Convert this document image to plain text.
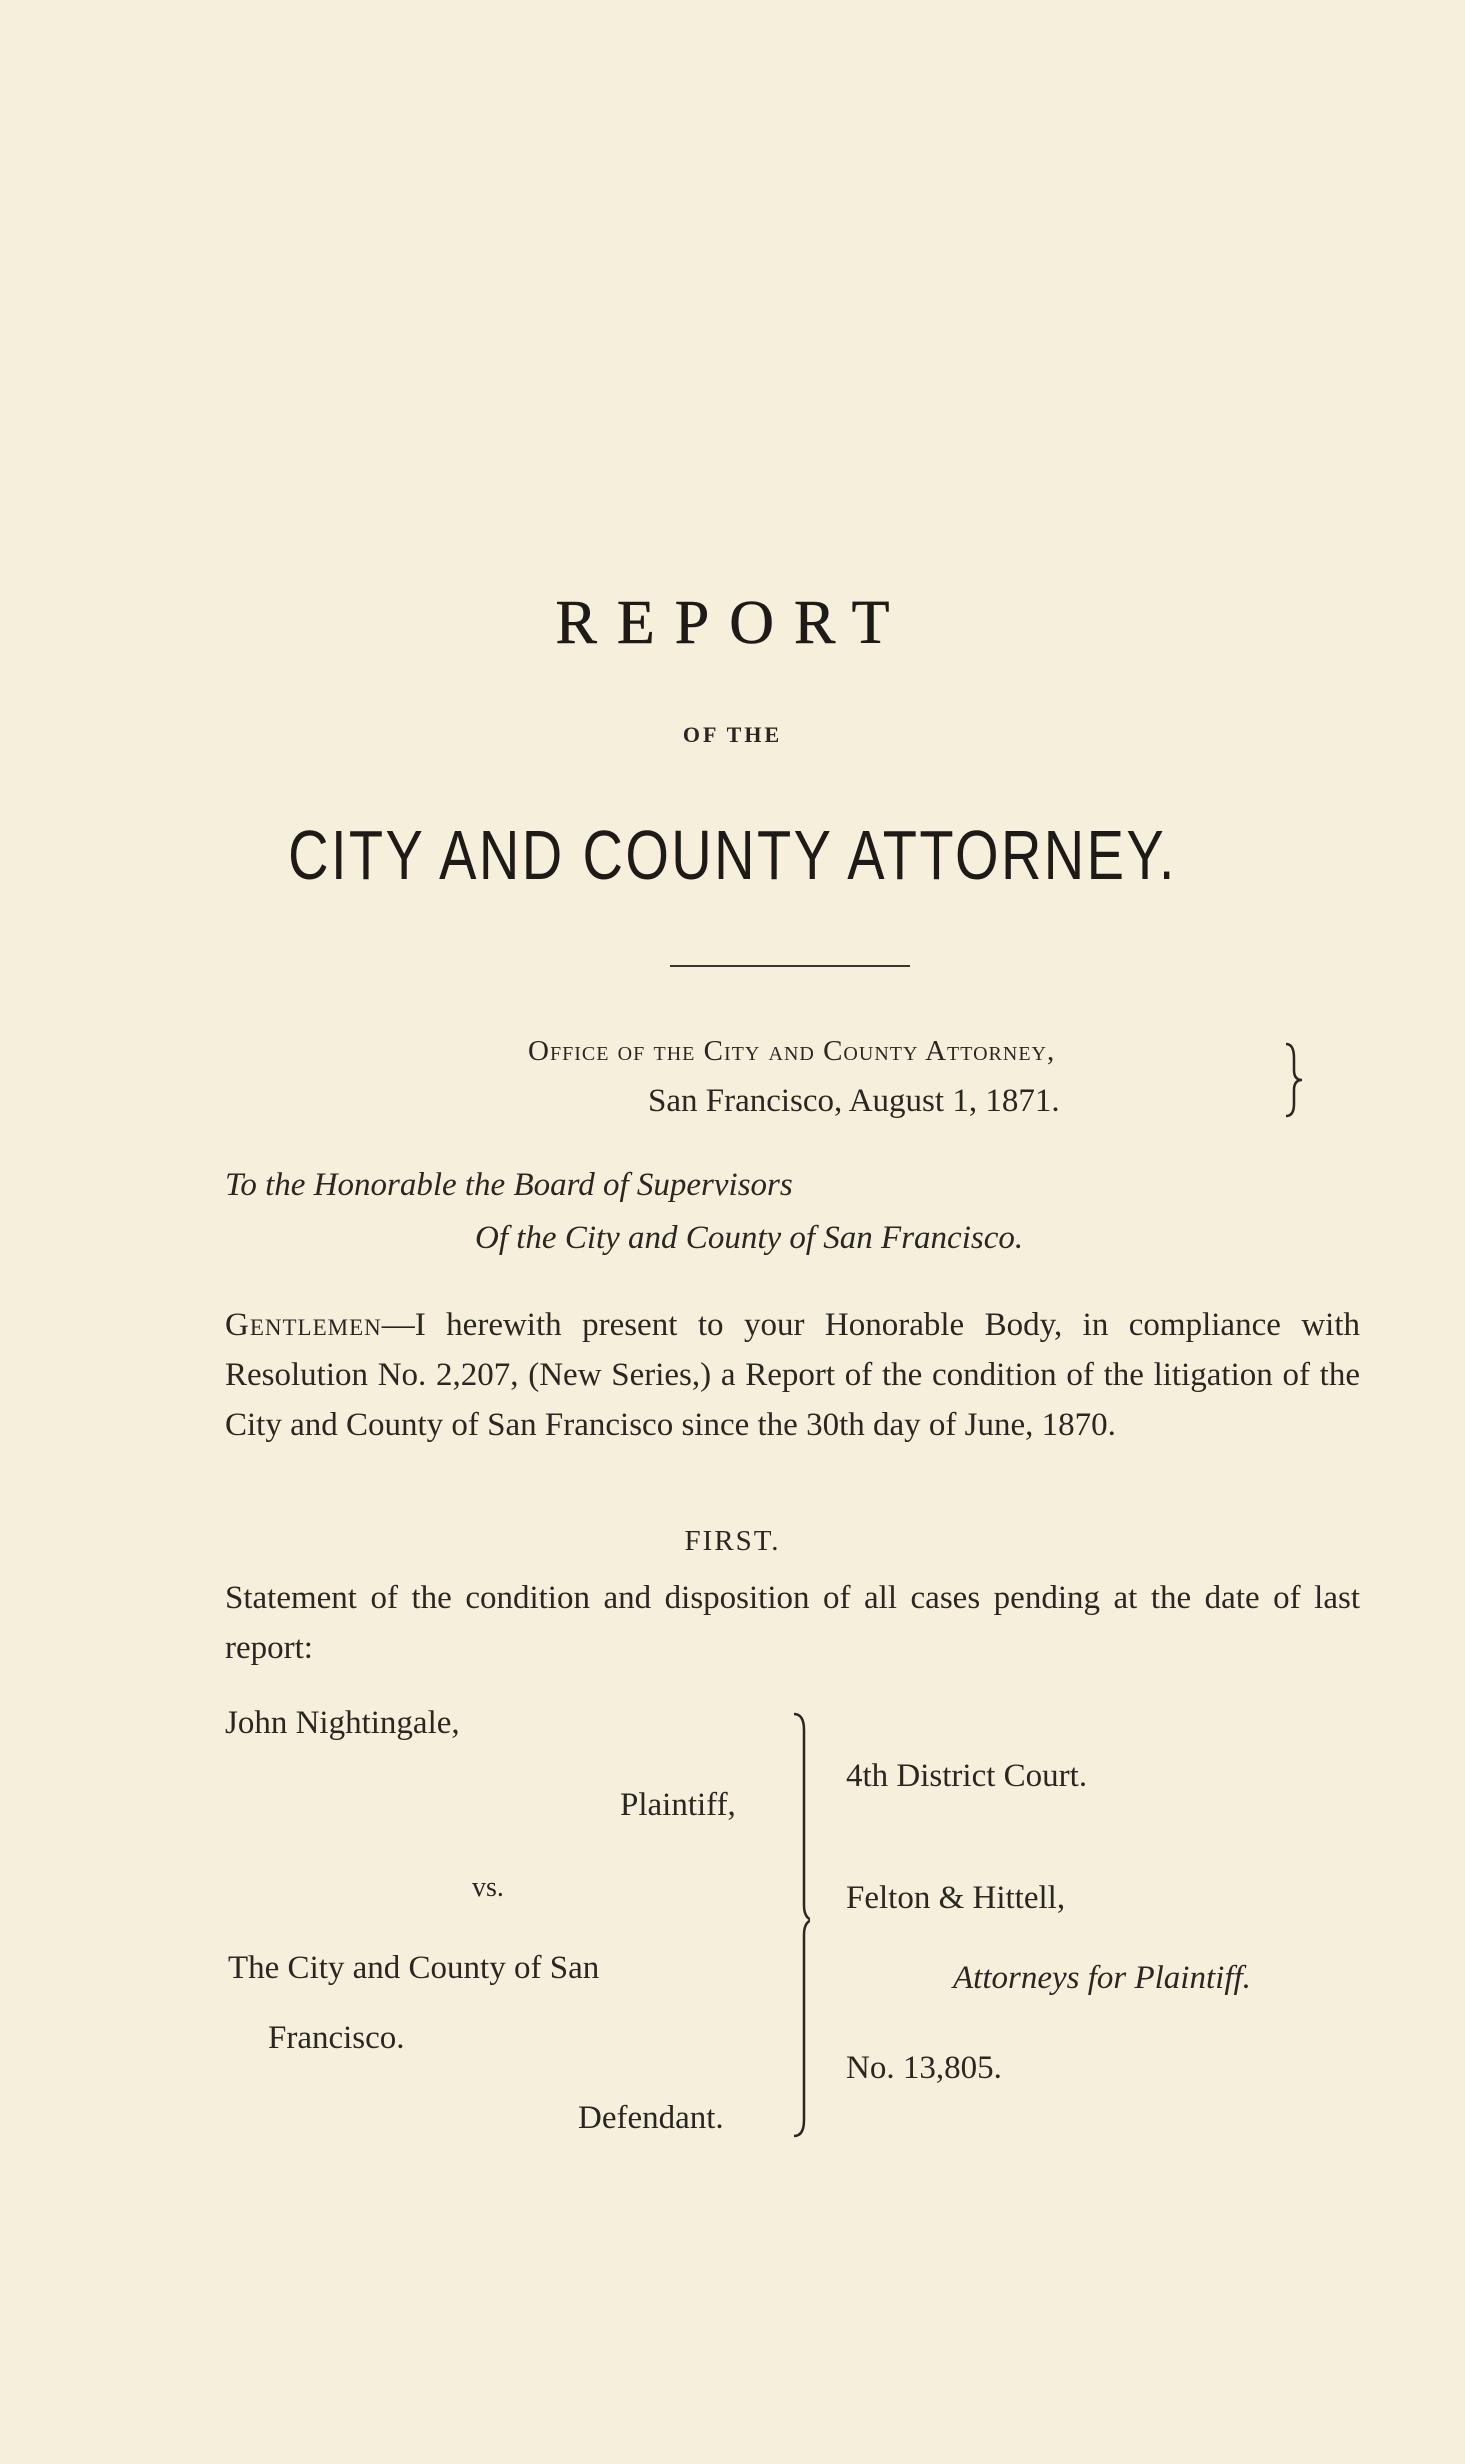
REPORT
OF THE
CITY AND COUNTY ATTORNEY.
Office of the City and County Attorney,
San Francisco, August 1, 1871.
To the Honorable the Board of Supervisors
Of the City and County of San Francisco.
Gentlemen—I herewith present to your Honorable Body, in compliance with Resolution No. 2,207, (New Series,) a Report of the condition of the litigation of the City and County of San Francisco since the 30th day of June, 1870.
FIRST.
Statement of the condition and disposition of all cases pending at the date of last report:
John Nightingale,
Plaintiff,
vs.
The City and County of San
Francisco.
Defendant.
4th District Court.
Felton & Hittell,
Attorneys for Plaintiff.
No. 13,805.
